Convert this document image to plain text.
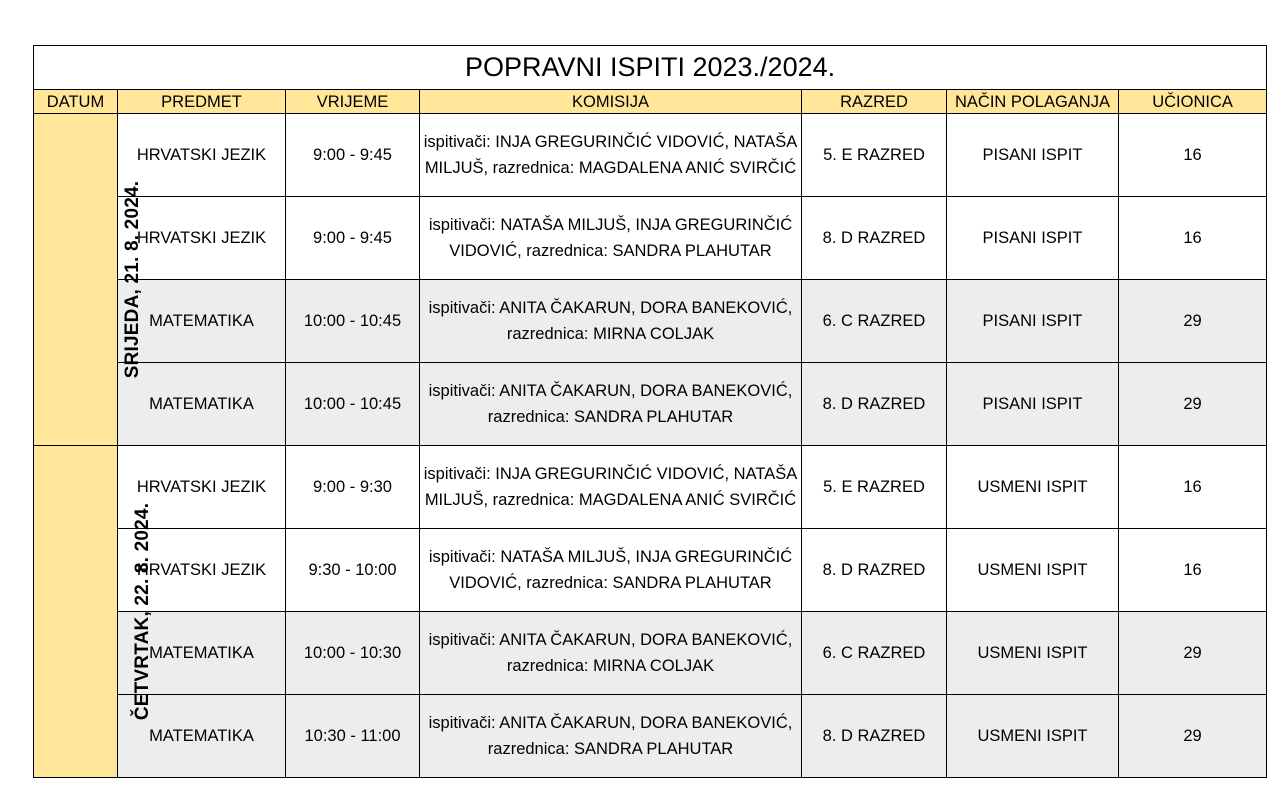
POPRAVNI ISPITI 2023./2024.						
DATUM	PREDMET	VRIJEME	KOMISIJA	RAZRED	NAČIN POLAGANJA	UČIONICA
SRIJEDA, 21. 8. 2024.	HRVATSKI JEZIK	9:00 - 9:45	ispitivači: INJA GREGURINČIĆ VIDOVIĆ, NATAŠA MILJUŠ, razrednica: MAGDALENA ANIĆ SVIRČIĆ	5. E RAZRED	PISANI ISPIT	16
	HRVATSKI JEZIK	9:00 - 9:45	ispitivači: NATAŠA MILJUŠ, INJA GREGURINČIĆ VIDOVIĆ, razrednica: SANDRA PLAHUTAR	8. D RAZRED	PISANI ISPIT	16
	MATEMATIKA	10:00 - 10:45	ispitivači: ANITA ČAKARUN, DORA BANEKOVIĆ, razrednica: MIRNA COLJAK	6. C RAZRED	PISANI ISPIT	29
	MATEMATIKA	10:00 - 10:45	ispitivači: ANITA ČAKARUN, DORA BANEKOVIĆ, razrednica: SANDRA PLAHUTAR	8. D RAZRED	PISANI ISPIT	29
ČETVRTAK, 22. 8. 2024.	HRVATSKI JEZIK	9:00 - 9:30	ispitivači: INJA GREGURINČIĆ VIDOVIĆ, NATAŠA MILJUŠ, razrednica: MAGDALENA ANIĆ SVIRČIĆ	5. E RAZRED	USMENI ISPIT	16
	HRVATSKI JEZIK	9:30 - 10:00	ispitivači: NATAŠA MILJUŠ, INJA GREGURINČIĆ VIDOVIĆ, razrednica: SANDRA PLAHUTAR	8. D RAZRED	USMENI ISPIT	16
	MATEMATIKA	10:00 - 10:30	ispitivači: ANITA ČAKARUN, DORA BANEKOVIĆ, razrednica: MIRNA COLJAK	6. C RAZRED	USMENI ISPIT	29
	MATEMATIKA	10:30 - 11:00	ispitivači: ANITA ČAKARUN, DORA BANEKOVIĆ, razrednica: SANDRA PLAHUTAR	8. D RAZRED	USMENI ISPIT	29
